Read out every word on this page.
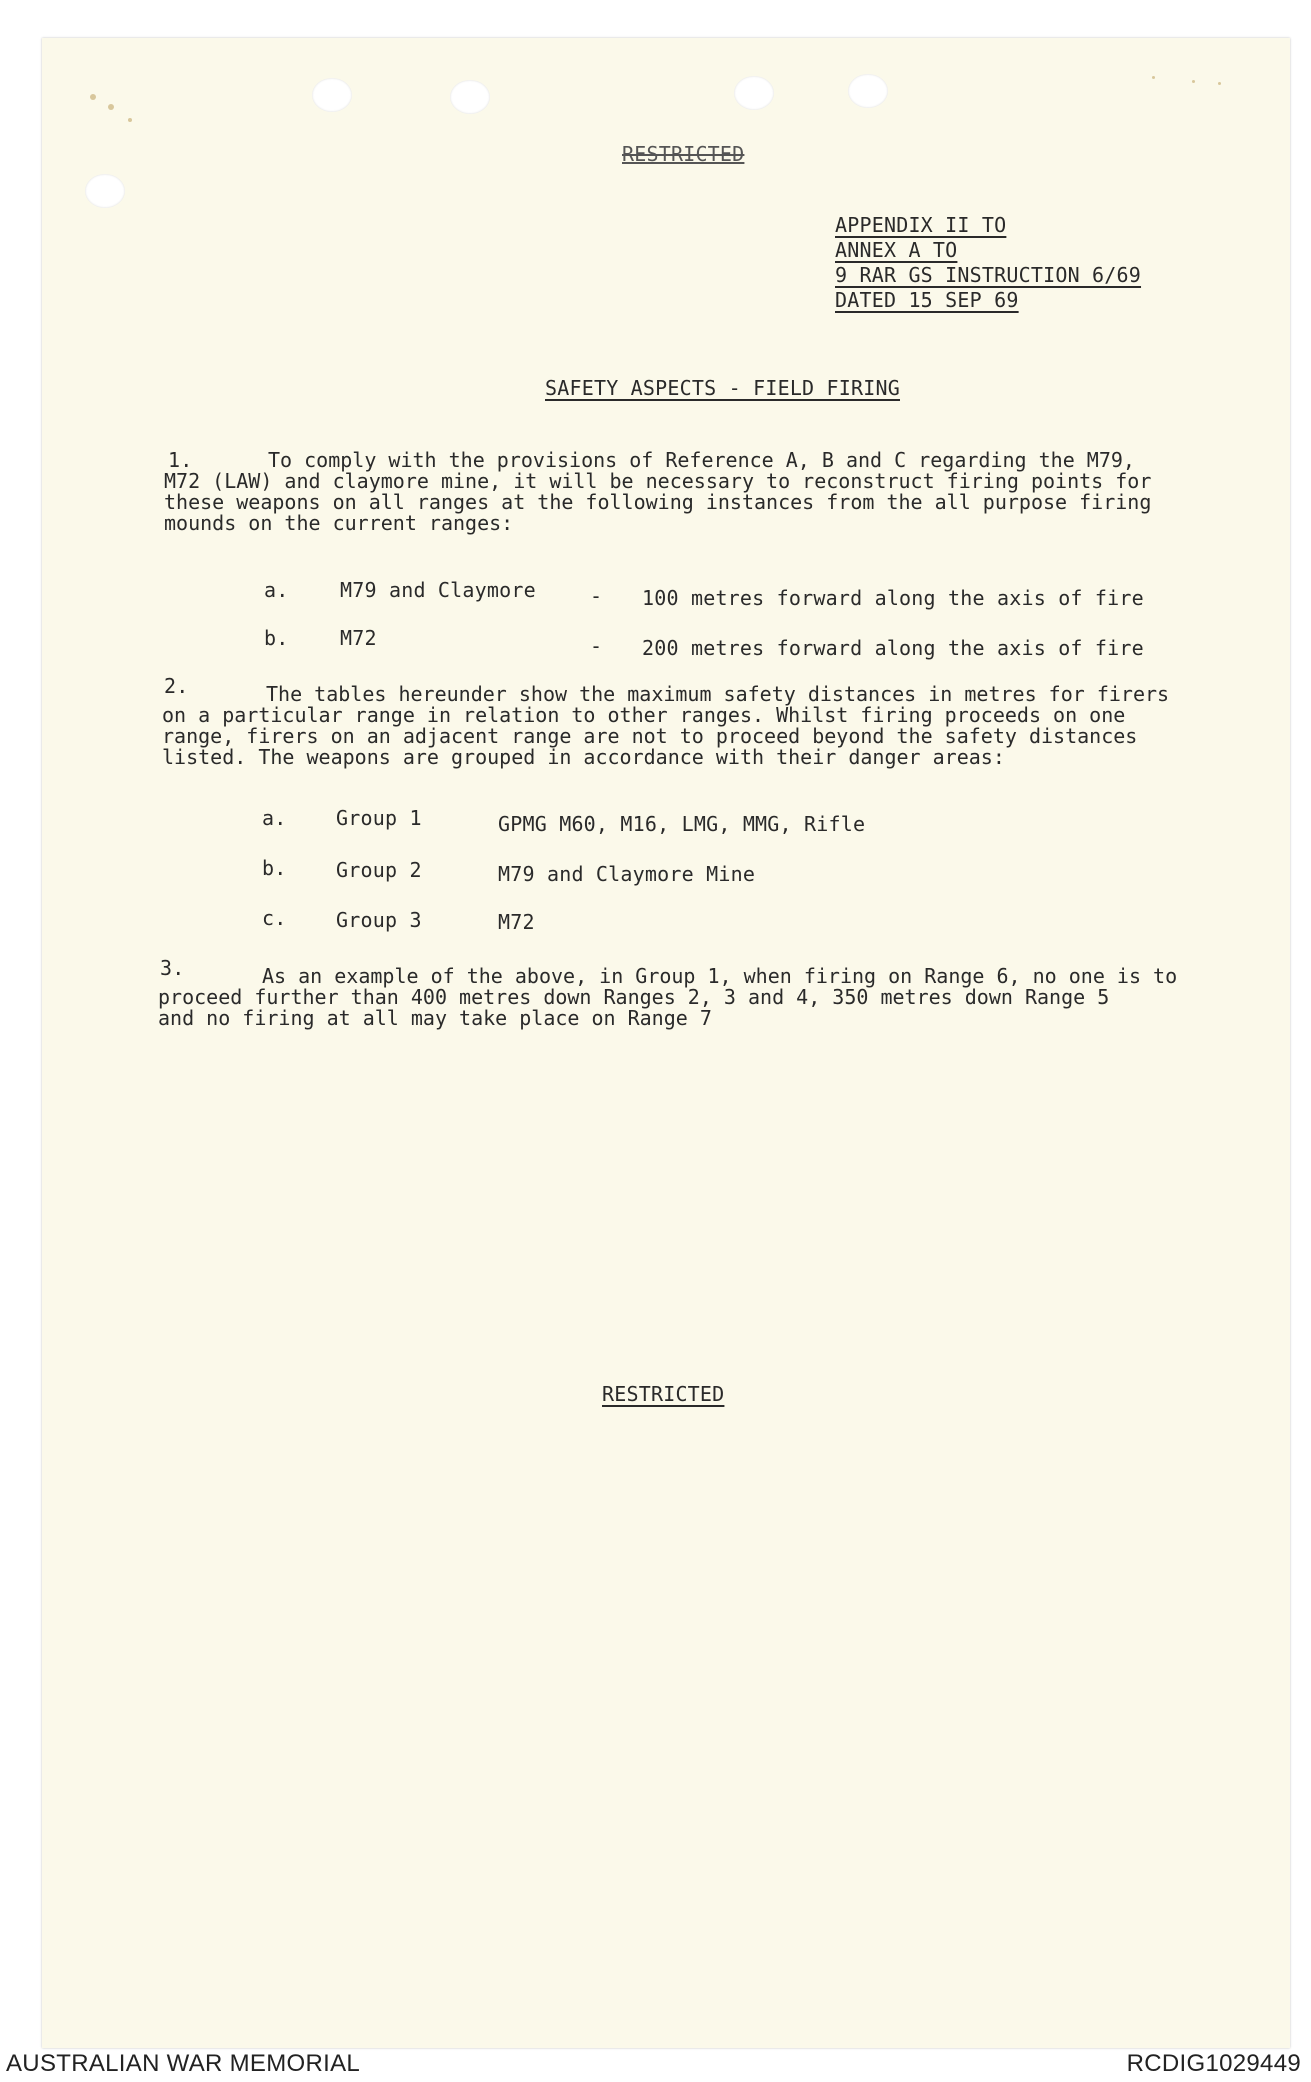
RESTRICTED
APPENDIX II TO
ANNEX A TO
9 RAR GS INSTRUCTION 6/69
DATED 15 SEP 69
SAFETY ASPECTS - FIELD FIRING
1.	To comply with the provisions of Reference A, B and C regarding the M79,
M72 (LAW) and claymore mine, it will be necessary to reconstruct firing points for
these weapons on all ranges at the following instances from the all purpose firing
mounds on the current ranges:
a.	M79 and Claymore	- 100 metres forward along the axis of fire
b.	M72	- 200 metres forward along the axis of fire
2.	The tables hereunder show the maximum safety distances in metres for firers
on a particular range in relation to other ranges. Whilst firing proceeds on one
range, firers on an adjacent range are not to proceed beyond the safety distances
listed. The weapons are grouped in accordance with their danger areas:
a. Group 1	GPMG M60, M16, LMG, MMG, Rifle
b. Group 2	M79 and Claymore Mine
c. Group 3	M72
3.	As an example of the above, in Group 1, when firing on Range 6, no one is to
proceed further than 400 metres down Ranges 2, 3 and 4, 350 metres down Range 5
and no firing at all may take place on Range 7
RESTRICTED
AUSTRALIAN WAR MEMORIAL	RCDIG1029449
